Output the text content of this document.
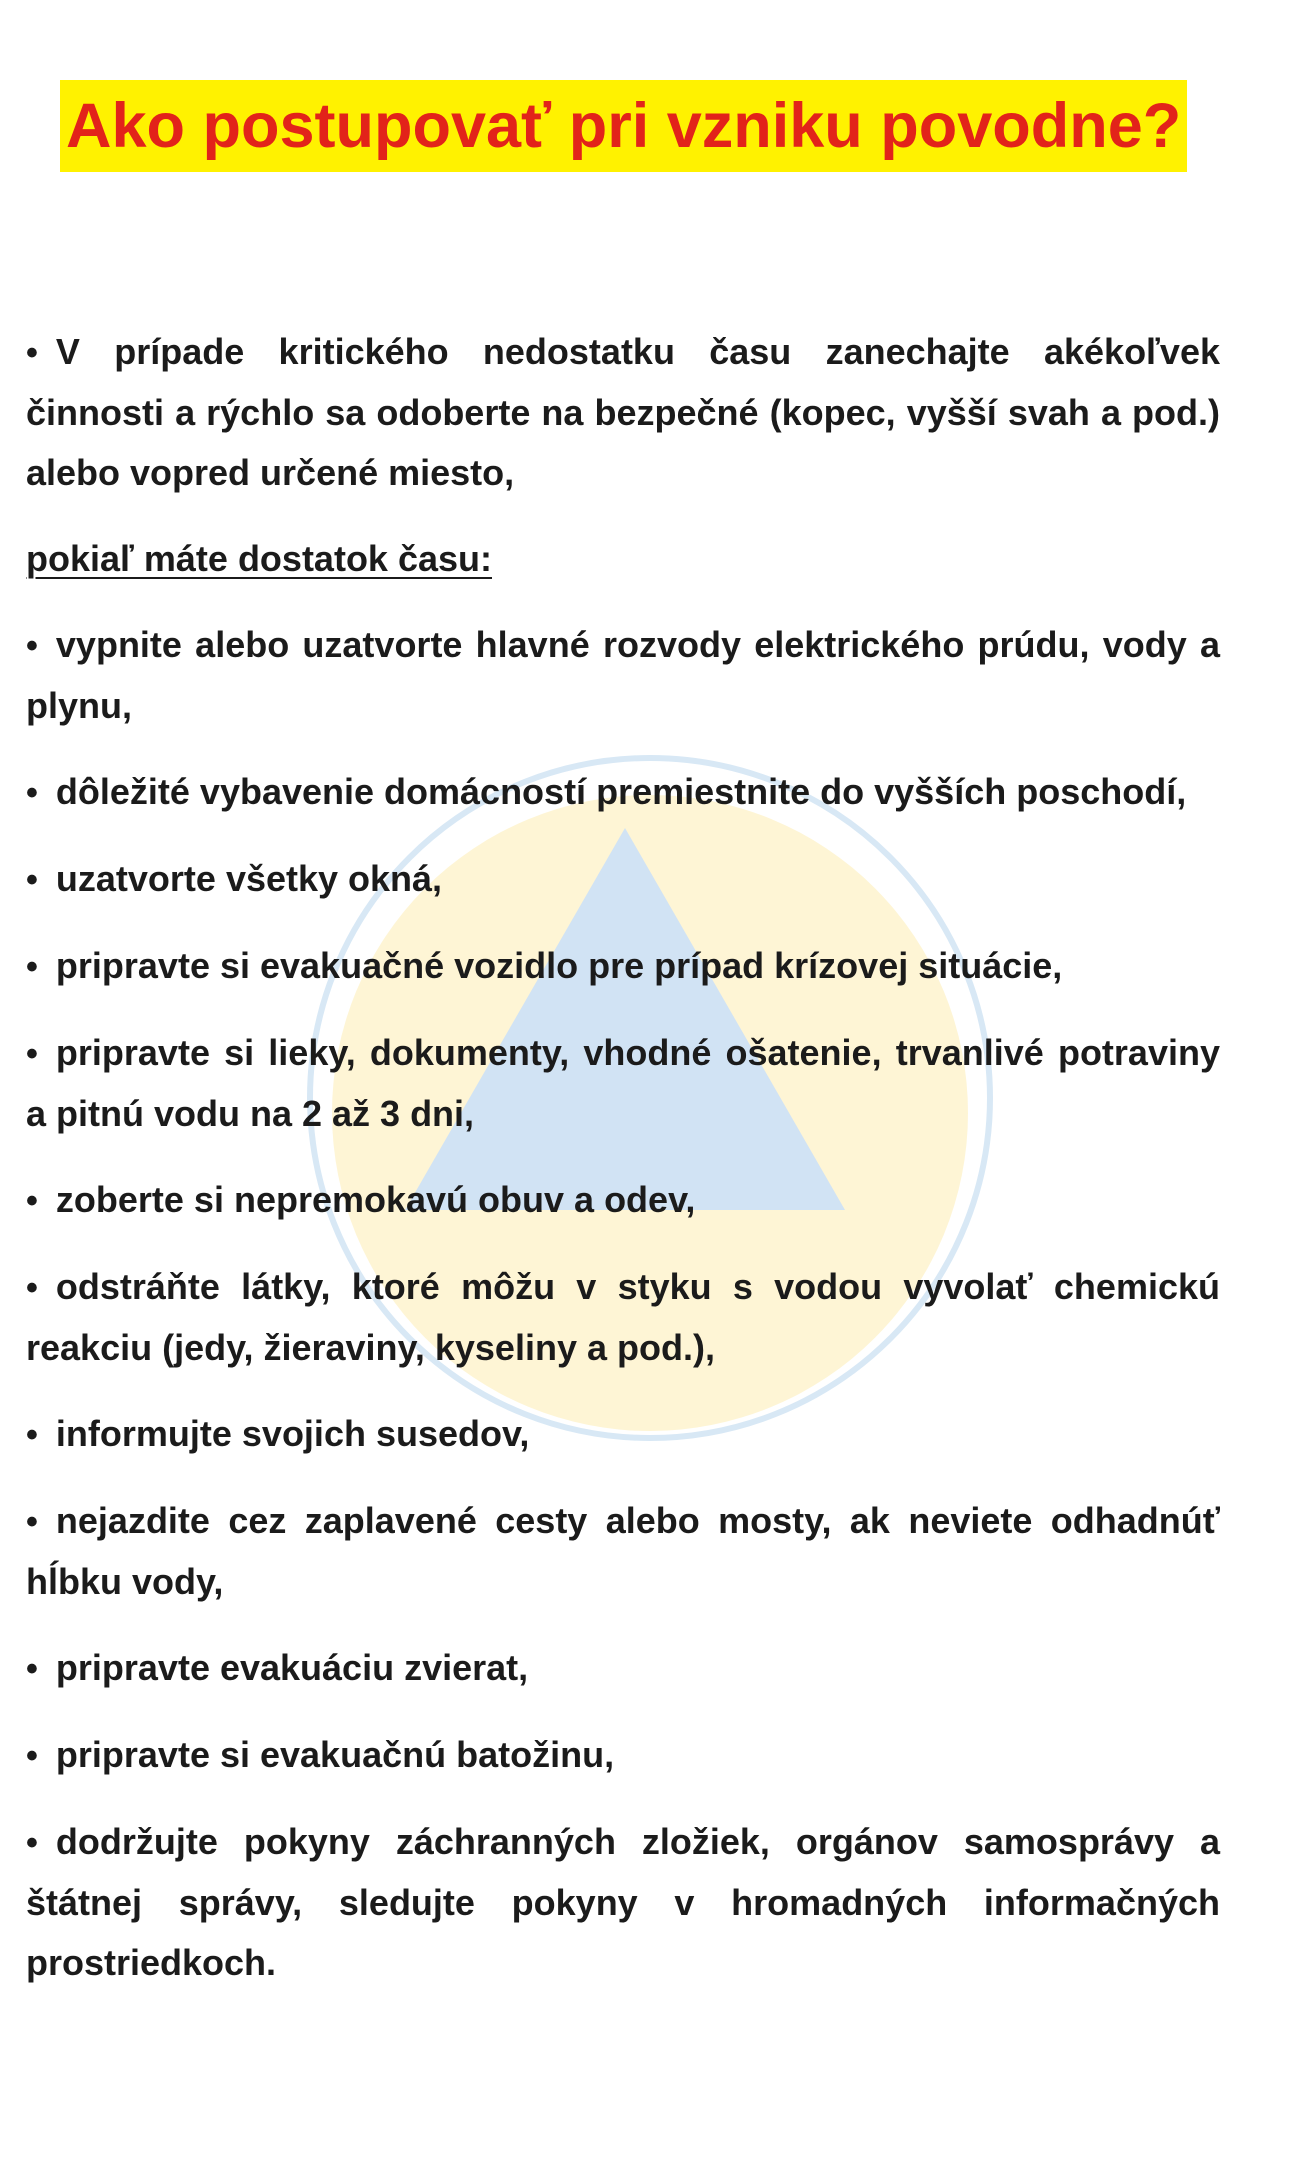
Ako postupovať pri vzniku povodne?
• V prípade kritického nedostatku času zanechajte akékoľvek činnosti a rýchlo sa odoberte na bezpečné (kopec, vyšší svah a pod.) alebo vopred určené miesto,
pokiaľ máte dostatok času:
• vypnite alebo uzatvorte hlavné rozvody elektrického prúdu, vody a plynu,
• dôležité vybavenie domácností premiestnite do vyšších poschodí,
• uzatvorte všetky okná,
• pripravte si evakuačné vozidlo pre prípad krízovej situácie,
• pripravte si lieky, dokumenty, vhodné ošatenie, trvanlivé potraviny a pitnú vodu na 2 až 3 dni,
• zoberte si nepremokavú obuv a odev,
• odstráňte látky, ktoré môžu v styku s vodou vyvolať chemickú reakciu (jedy, žieraviny, kyseliny a pod.),
• informujte svojich susedov,
• nejazdite cez zaplavené cesty alebo mosty, ak neviete odhadnúť hĺbku vody,
• pripravte evakuáciu zvierat,
• pripravte si evakuačnú batožinu,
• dodržujte pokyny záchranných zložiek, orgánov samosprávy a štátnej správy, sledujte pokyny v hromadných informačných prostriedkoch.
